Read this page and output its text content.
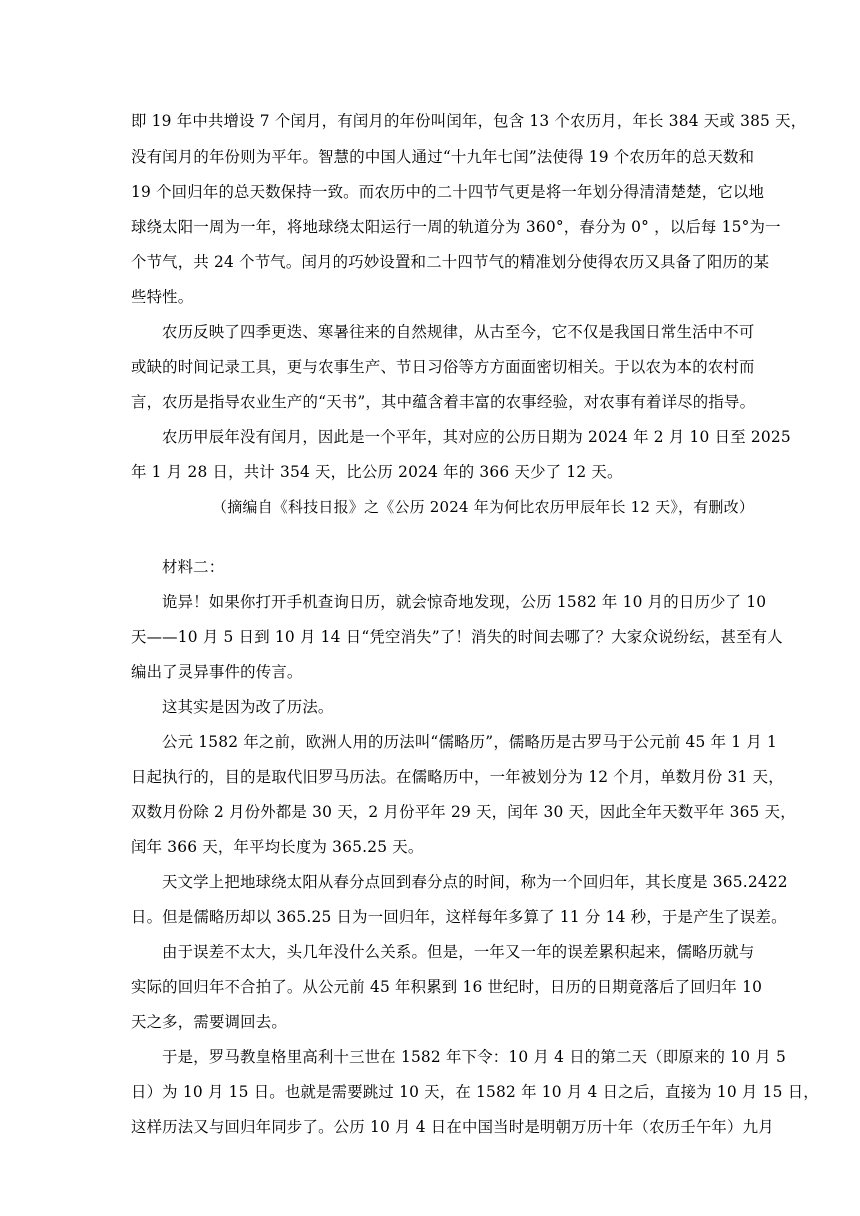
即 19 年中共增设 7 个闰月，有闰月的年份叫闰年，包含 13 个农历月，年长 384 天或 385 天，
没有闰月的年份则为平年。智慧的中国人通过“十九年七闰”法使得 19 个农历年的总天数和
19 个回归年的总天数保持一致。而农历中的二十四节气更是将一年划分得清清楚楚，它以地
球绕太阳一周为一年，将地球绕太阳运行一周的轨道分为 360°，春分为 0° ，以后每 15°为一
个节气，共 24 个节气。闰月的巧妙设置和二十四节气的精准划分使得农历又具备了阳历的某
些特性。
农历反映了四季更迭、寒暑往来的自然规律，从古至今，它不仅是我国日常生活中不可
或缺的时间记录工具，更与农事生产、节日习俗等方方面面密切相关。于以农为本的农村而
言，农历是指导农业生产的“天书”，其中蕴含着丰富的农事经验，对农事有着详尽的指导。
农历甲辰年没有闰月，因此是一个平年，其对应的公历日期为 2024 年 2 月 10 日至 2025
年 1 月 28 日，共计 354 天，比公历 2024 年的 366 天少了 12 天。
（摘编自《科技日报》之《公历 2024 年为何比农历甲辰年长 12 天》，有删改）
材料二：
诡异！如果你打开手机查询日历，就会惊奇地发现，公历 1582 年 10 月的日历少了 10
天——10 月 5 日到 10 月 14 日“凭空消失”了！消失的时间去哪了？大家众说纷纭，甚至有人
编出了灵异事件的传言。
这其实是因为改了历法。
公元 1582 年之前，欧洲人用的历法叫“儒略历”，儒略历是古罗马于公元前 45 年 1 月 1
日起执行的，目的是取代旧罗马历法。在儒略历中，一年被划分为 12 个月，单数月份 31 天，
双数月份除 2 月份外都是 30 天，2 月份平年 29 天，闰年 30 天，因此全年天数平年 365 天，
闰年 366 天，年平均长度为 365.25 天。
天文学上把地球绕太阳从春分点回到春分点的时间，称为一个回归年，其长度是 365.2422
日。但是儒略历却以 365.25 日为一回归年，这样每年多算了 11 分 14 秒，于是产生了误差。
由于误差不太大，头几年没什么关系。但是，一年又一年的误差累积起来，儒略历就与
实际的回归年不合拍了。从公元前 45 年积累到 16 世纪时，日历的日期竟落后了回归年 10
天之多，需要调回去。
于是，罗马教皇格里高利十三世在 1582 年下令：10 月 4 日的第二天（即原来的 10 月 5
日）为 10 月 15 日。也就是需要跳过 10 天，在 1582 年 10 月 4 日之后，直接为 10 月 15 日，
这样历法又与回归年同步了。公历 10 月 4 日在中国当时是明朝万历十年（农历壬午年）九月
